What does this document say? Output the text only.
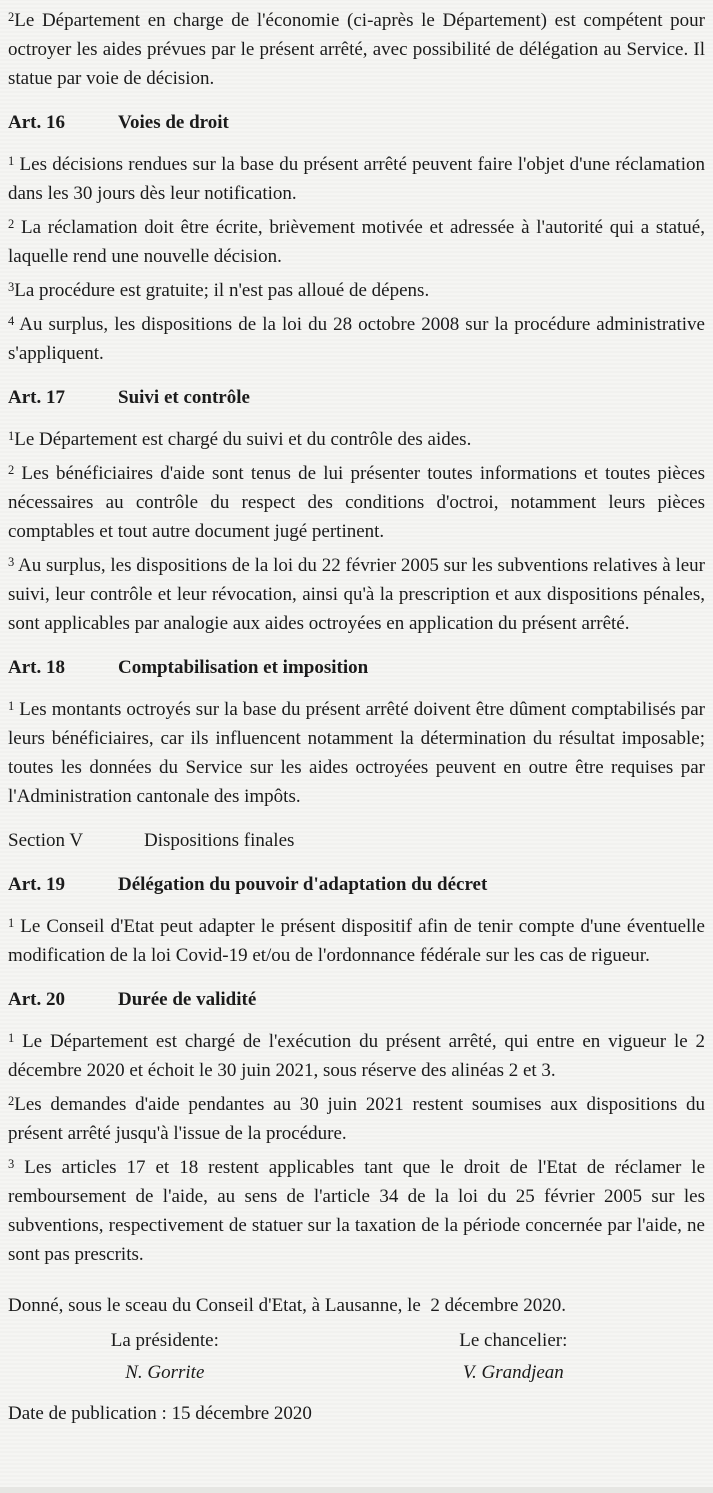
$^2$Le Département en charge de l'économie (ci-après le Département) est compétent pour octroyer les aides prévues par le présent arrêté, avec possibilité de délégation au Service. Il statue par voie de décision.

Art. 16	Voies de droit

$^1$ Les décisions rendues sur la base du présent arrêté peuvent faire l'objet d'une réclamation dans les 30 jours dès leur notification.

$^2$ La réclamation doit être écrite, brièvement motivée et adressée à l'autorité qui a statué, laquelle rend une nouvelle décision.

$^3$La procédure est gratuite; il n'est pas alloué de dépens.

$^4$ Au surplus, les dispositions de la loi du 28 octobre 2008 sur la procédure administrative s'appliquent.

Art. 17	Suivi et contrôle

$^1$Le Département est chargé du suivi et du contrôle des aides.

$^2$ Les bénéficiaires d'aide sont tenus de lui présenter toutes informations et toutes pièces nécessaires au contrôle du respect des conditions d'octroi, notamment leurs pièces comptables et tout autre document jugé pertinent.

$^3$ Au surplus, les dispositions de la loi du 22 février 2005 sur les subventions relatives à leur suivi, leur contrôle et leur révocation, ainsi qu'à la prescription et aux dispositions pénales, sont applicables par analogie aux aides octroyées en application du présent arrêté.

Art. 18	Comptabilisation et imposition

$^1$ Les montants octroyés sur la base du présent arrêté doivent être dûment comptabilisés par leurs bénéficiaires, car ils influencent notamment la détermination du résultat imposable; toutes les données du Service sur les aides octroyées peuvent en outre être requises par l'Administration cantonale des impôts.

Section V	Dispositions finales

Art. 19	Délégation du pouvoir d'adaptation du décret

$^1$ Le Conseil d'Etat peut adapter le présent dispositif afin de tenir compte d'une éventuelle modification de la loi Covid-19 et/ou de l'ordonnance fédérale sur les cas de rigueur.

Art. 20	Durée de validité

$^1$ Le Département est chargé de l'exécution du présent arrêté, qui entre en vigueur le 2 décembre 2020 et échoit le 30 juin 2021, sous réserve des alinéas 2 et 3.

$^2$Les demandes d'aide pendantes au 30 juin 2021 restent soumises aux dispositions du présent arrêté jusqu'à l'issue de la procédure.

$^3$ Les articles 17 et 18 restent applicables tant que le droit de l'Etat de réclamer le remboursement de l'aide, au sens de l'article 34 de la loi du 25 février 2005 sur les subventions, respectivement de statuer sur la taxation de la période concernée par l'aide, ne sont pas prescrits.

Donné, sous le sceau du Conseil d'Etat, à Lausanne, le  2 décembre 2020.

La présidente:	Le chancelier:
N. Gorrite	V. Grandjean

Date de publication : 15 décembre 2020
